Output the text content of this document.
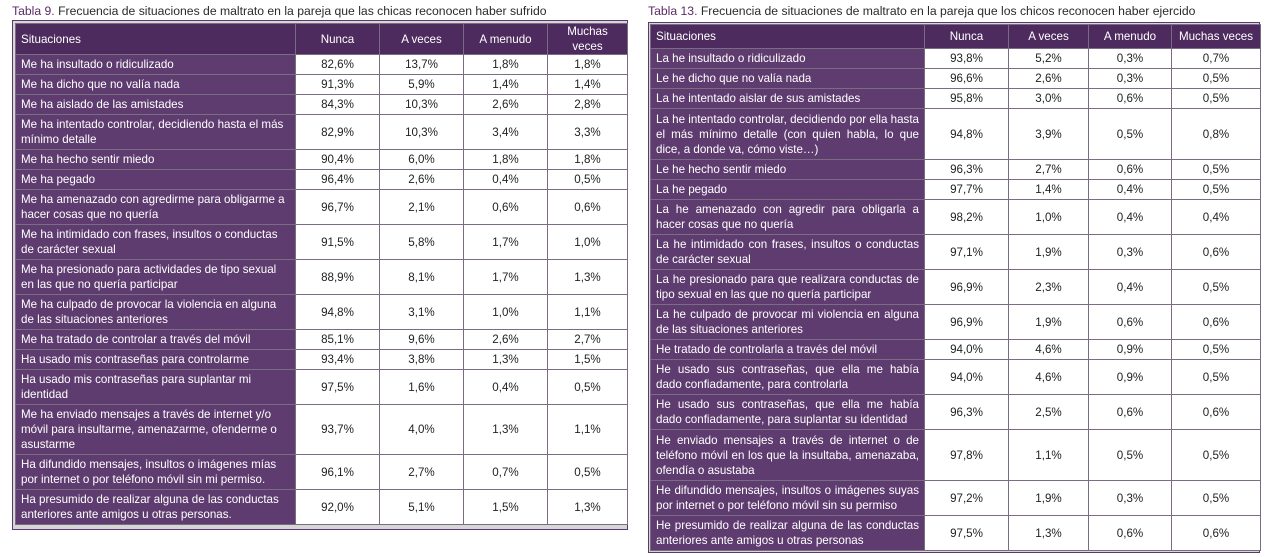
Tabla 9. Frecuencia de situaciones de maltrato en la pareja que las chicas reconocen haber sufrido
Situaciones	Nunca	A veces	A menudo	Muchas veces
Me ha insultado o ridiculizado	82,6%	13,7%	1,8%	1,8%
Me ha dicho que no valía nada	91,3%	5,9%	1,4%	1,4%
Me ha aislado de las amistades	84,3%	10,3%	2,6%	2,8%
Me ha intentado controlar, decidiendo hasta el más mínimo detalle	82,9%	10,3%	3,4%	3,3%
Me ha hecho sentir miedo	90,4%	6,0%	1,8%	1,8%
Me ha pegado	96,4%	2,6%	0,4%	0,5%
Me ha amenazado con agredirme para obligarme a hacer cosas que no quería	96,7%	2,1%	0,6%	0,6%
Me ha intimidado con frases, insultos o conductas de carácter sexual	91,5%	5,8%	1,7%	1,0%
Me ha presionado para actividades de tipo sexual en las que no quería participar	88,9%	8,1%	1,7%	1,3%
Me ha culpado de provocar la violencia en alguna de las situaciones anteriores	94,8%	3,1%	1,0%	1,1%
Me ha tratado de controlar a través del móvil	85,1%	9,6%	2,6%	2,7%
Ha usado mis contraseñas para controlarme	93,4%	3,8%	1,3%	1,5%
Ha usado mis contraseñas para suplantar mi identidad	97,5%	1,6%	0,4%	0,5%
Me ha enviado mensajes a través de internet y/o móvil para insultarme, amenazarme, ofenderme o asustarme	93,7%	4,0%	1,3%	1,1%
Ha difundido mensajes, insultos o imágenes mías por internet o por teléfono móvil sin mi permiso.	96,1%	2,7%	0,7%	0,5%
Ha presumido de realizar alguna de las conductas anteriores ante amigos u otras personas.	92,0%	5,1%	1,5%	1,3%
Tabla 13. Frecuencia de situaciones de maltrato en la pareja que los chicos reconocen haber ejercido
Situaciones	Nunca	A veces	A menudo	Muchas veces
La he insultado o ridiculizado	93,8%	5,2%	0,3%	0,7%
Le he dicho que no valía nada	96,6%	2,6%	0,3%	0,5%
La he intentado aislar de sus amistades	95,8%	3,0%	0,6%	0,5%
La he intentado controlar, decidiendo por ella hasta el más mínimo detalle (con quien habla, lo que dice, a donde va, cómo viste…)	94,8%	3,9%	0,5%	0,8%
Le he hecho sentir miedo	96,3%	2,7%	0,6%	0,5%
La he pegado	97,7%	1,4%	0,4%	0,5%
La he amenazado con agredir para obligarla a hacer cosas que no quería	98,2%	1,0%	0,4%	0,4%
La he intimidado con frases, insultos o conductas de carácter sexual	97,1%	1,9%	0,3%	0,6%
La he presionado para que realizara conductas de tipo sexual en las que no quería participar	96,9%	2,3%	0,4%	0,5%
La he culpado de provocar mi violencia en alguna de las situaciones anteriores	96,9%	1,9%	0,6%	0,6%
He tratado de controlarla a través del móvil	94,0%	4,6%	0,9%	0,5%
He usado sus contraseñas, que ella me había dado confiadamente, para controlarla	94,0%	4,6%	0,9%	0,5%
He usado sus contraseñas, que ella me había dado confiadamente, para suplantar su identidad	96,3%	2,5%	0,6%	0,6%
He enviado mensajes a través de internet o de teléfono móvil en los que la insultaba, amenazaba, ofendía o asustaba	97,8%	1,1%	0,5%	0,5%
He difundido mensajes, insultos o imágenes suyas por internet o por teléfono móvil sin su permiso	97,2%	1,9%	0,3%	0,5%
He presumido de realizar alguna de las conductas anteriores ante amigos u otras personas	97,5%	1,3%	0,6%	0,6%
